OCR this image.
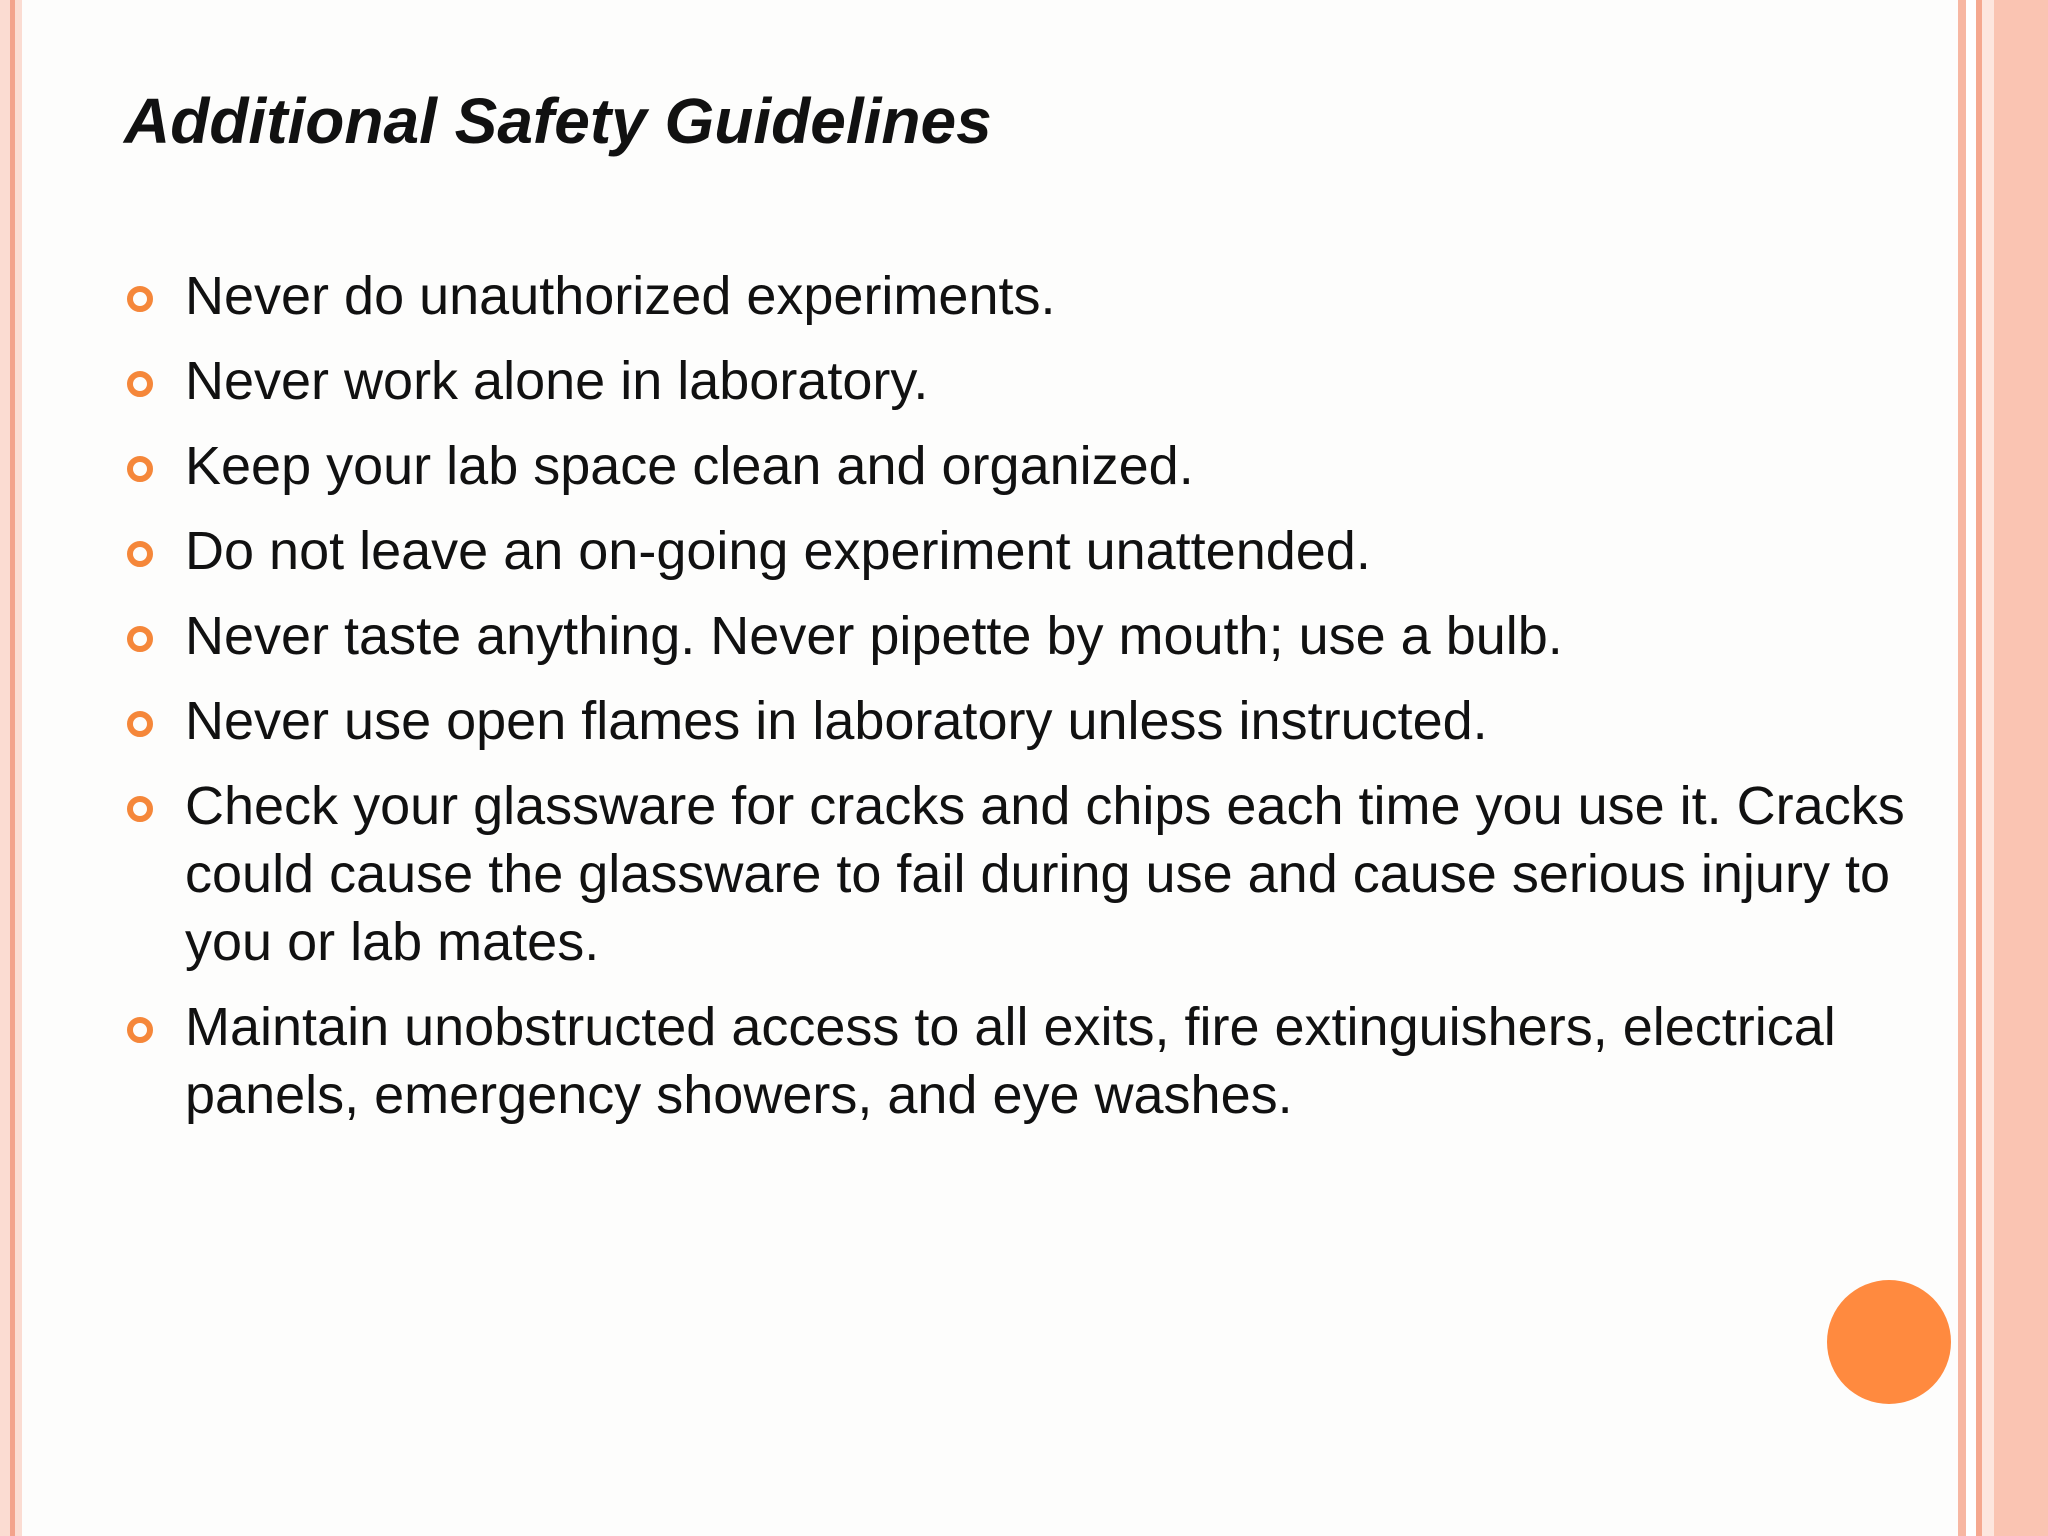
Additional Safety Guidelines
Never do unauthorized experiments.
Never work alone in laboratory.
Keep your lab space clean and organized.
Do not leave an on-going experiment unattended.
Never taste anything. Never pipette by mouth; use a bulb.
Never use open flames in laboratory unless instructed.
Check your glassware for cracks and chips each time you use it. Cracks could cause the glassware to fail during use and cause serious injury to you or lab mates.
Maintain unobstructed access to all exits, fire extinguishers, electrical panels, emergency showers, and eye washes.
